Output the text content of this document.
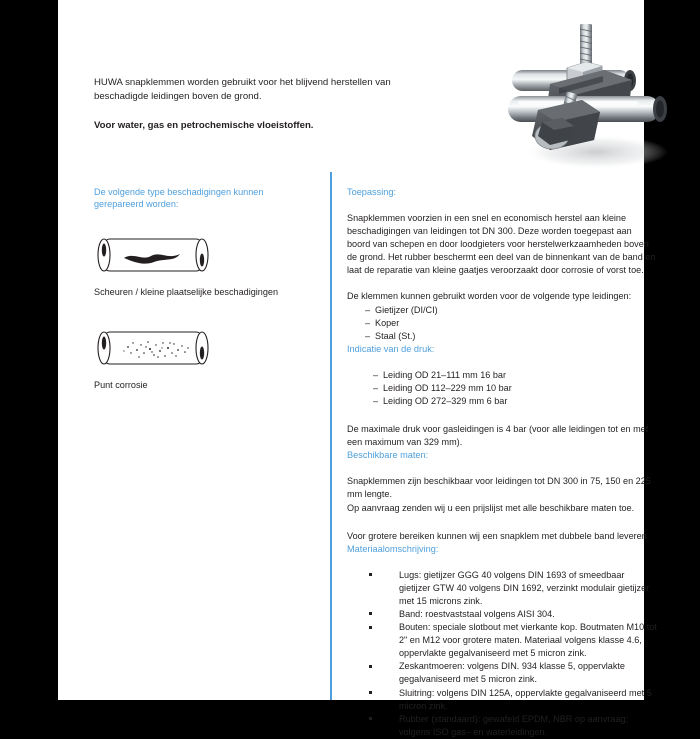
HUWA snapklemmen worden gebruikt voor het blijvend herstellen van beschadigde leidingen boven de grond.

Voor water, gas en petrochemische vloeistoffen.

De volgende type beschadigingen kunnen gerepareerd worden:

Scheuren / kleine plaatselijke beschadigingen

Punt corrosie

Toepassing:

Snapklemmen voorzien in een snel en economisch herstel aan kleine beschadigingen van leidingen tot DN 300. Deze worden toegepast aan boord van schepen en door loodgieters voor herstelwerkzaamheden boven de grond. Het rubber beschermt een deel van de binnenkant van de band en laat de reparatie van kleine gaatjes veroorzaakt door corrosie of vorst toe.

De klemmen kunnen gebruikt worden voor de volgende type leidingen:

– Gietijzer (DI/CI)
– Koper
– Staal (St.)

Indicatie van de druk:

– Leiding OD 21–111 mm 16 bar
– Leiding OD 112–229 mm 10 bar
– Leiding OD 272–329 mm 6 bar

De maximale druk voor gasleidingen is 4 bar (voor alle leidingen tot en met een maximum van 329 mm).

Beschikbare maten:

Snapklemmen zijn beschikbaar voor leidingen tot DN 300 in 75, 150 en 225 mm lengte.

Op aanvraag zenden wij u een prijslijst met alle beschikbare maten toe.

Voor grotere bereiken kunnen wij een snapklem met dubbele band leveren.

Materiaalomschrijving:

Lugs: gietijzer GGG 40 volgens DIN 1693 of smeedbaar gietijzer GTW 40 volgens DIN 1692, verzinkt modulair gietijzer met 15 microns zink.
Band: roestvaststaal volgens AISI 304.
Bouten: speciale slotbout met vierkante kop. Boutmaten M10 tot 2" en M12 voor grotere maten. Materiaal volgens klasse 4.6, oppervlakte gegalvaniseerd met 5 micron zink.
Zeskantmoeren: volgens DIN. 934 klasse 5, oppervlakte gegalvaniseerd met 5 micron zink.
Sluitring: volgens DIN 125A, oppervlakte gegalvaniseerd met 5 micron zink.
Rubber (standaard): gewafeld EPDM, NBR op aanvraag; volgens ISO gas– en waterleidingen.
